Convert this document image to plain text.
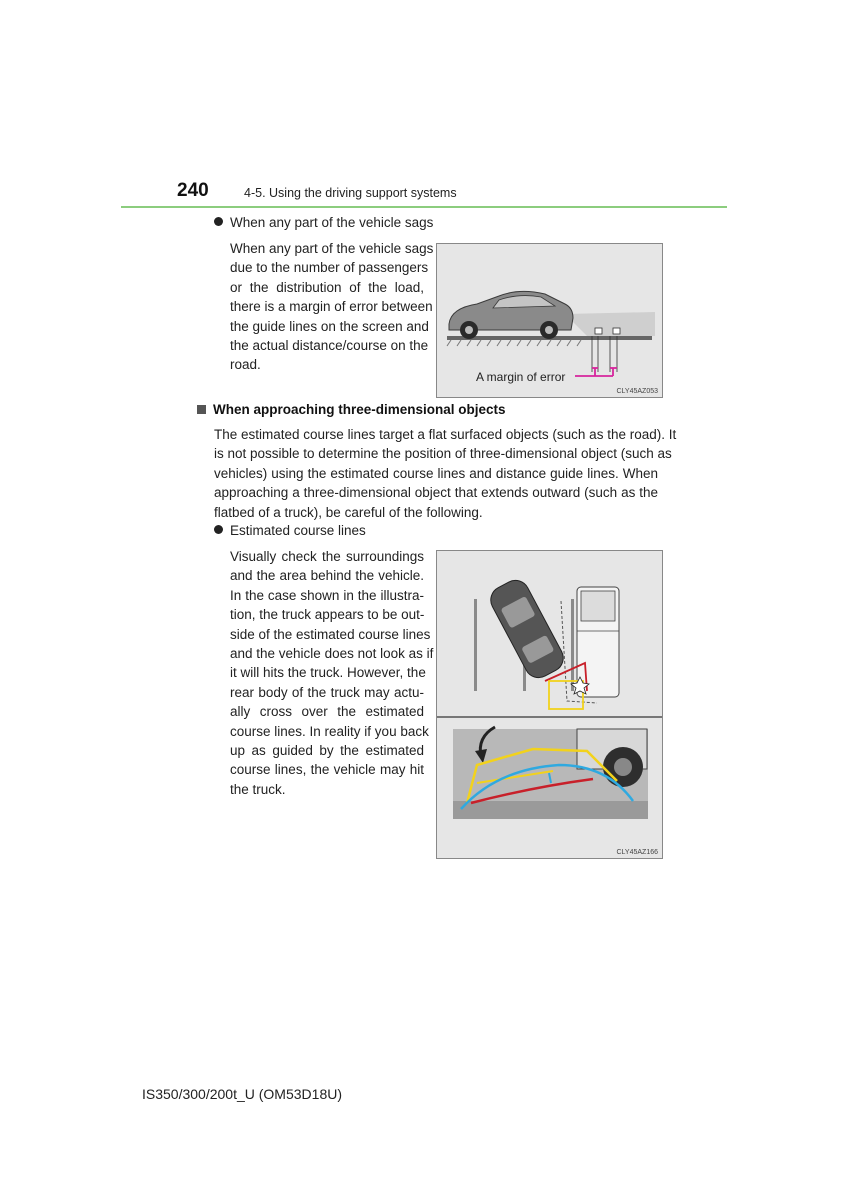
240	4-5. Using the driving support systems
When any part of the vehicle sags
When any part of the vehicle sags
due to the number of passengers
or the distribution of the load,
there is a margin of error between
the guide lines on the screen and
the actual distance/course on the
road.
A margin of error
CLY45AZ053
When approaching three-dimensional objects
The estimated course lines target a flat surfaced objects (such as the road). It
is not possible to determine the position of three-dimensional object (such as
vehicles) using the estimated course lines and distance guide lines. When
approaching a three-dimensional object that extends outward (such as the
flatbed of a truck), be careful of the following.
Estimated course lines
Visually check the surroundings
and the area behind the vehicle.
In the case shown in the illustra-
tion, the truck appears to be out-
side of the estimated course lines
and the vehicle does not look as if
it will hits the truck. However, the
rear body of the truck may actu-
ally cross over the estimated
course lines. In reality if you back
up as guided by the estimated
course lines, the vehicle may hit
the truck.
CLY45AZ166
IS350/300/200t_U (OM53D18U)
